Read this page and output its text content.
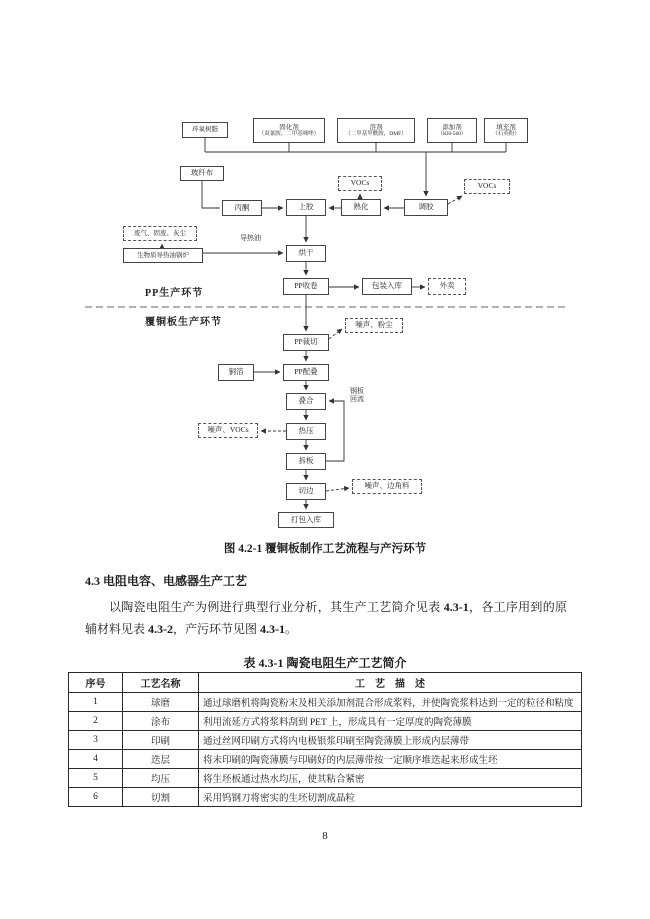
环氧树脂	固化剂
（双氰胺、二甲基咪唑）
溶剂
（二甲基甲酰胺，DMF）
添加剂
（KH-560）
填充剂
（石英粉）
玻纤布
丙酮	上胶	熟化	调胶
VOCs	VOCs
废气、固废、灰尘
生物质导热油锅炉
导热油
烘干
PP收卷	包装入库	外卖
PP生产环节
覆铜板生产环节
PP裁切
噪声、粉尘
铜箔	PP配叠
叠合
钢板
回流
热压
噪声、VOCs
拆板
切边
噪声、边角料
打包入库
图 4.2-1 覆铜板制作工艺流程与产污环节
4.3 电阻电容、电感器生产工艺
以陶瓷电阻生产为例进行典型行业分析，其生产工艺简介见表 4.3-1，各工序用到的原辅材料见表 4.3-2，产污环节见图 4.3-1。
表 4.3-1 陶瓷电阻生产工艺简介
序号	工艺名称	工　艺　描　述
1	球磨	通过球磨机将陶瓷粉末及相关添加剂混合形成浆料，并使陶瓷浆料达到一定的粒径和粘度
2	涂布	利用流延方式将浆料刮到 PET 上，形成具有一定厚度的陶瓷薄膜
3	印刷	通过丝网印刷方式将内电极银浆印刷至陶瓷薄膜上形成内层薄带
4	迭层	将未印刷的陶瓷薄膜与印刷好的内层薄带按一定顺序堆迭起来形成生坯
5	均压	将生坯板通过热水均压，使其粘合紧密
6	切割	采用钨钢刀将密实的生坯切割成晶粒
8
